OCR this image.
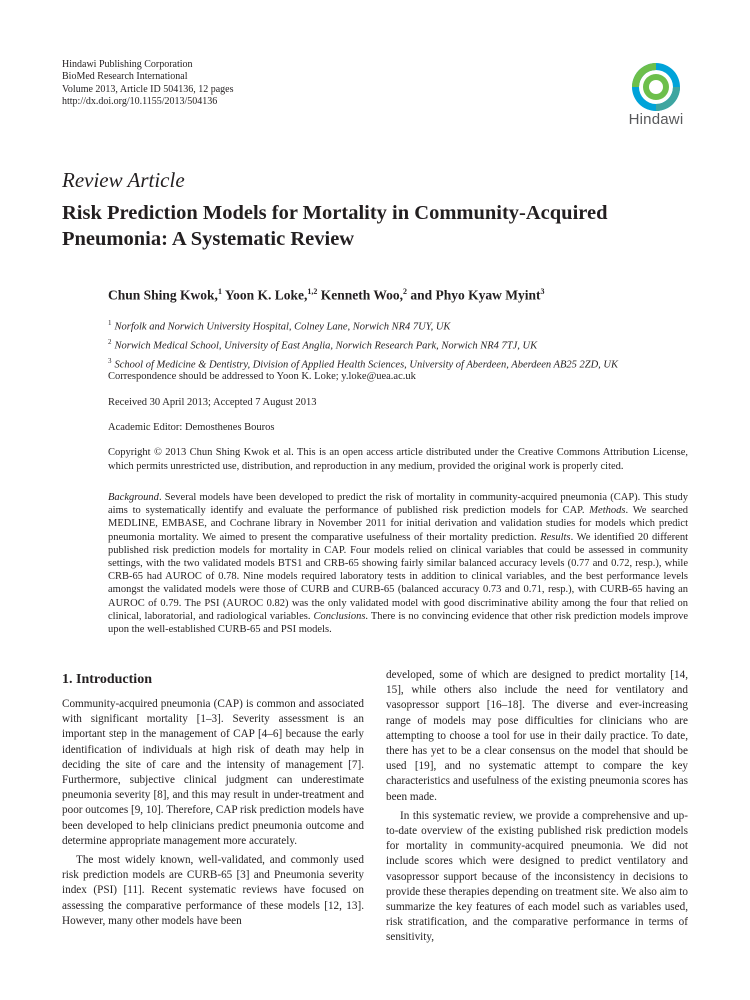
Hindawi Publishing Corporation
BioMed Research International
Volume 2013, Article ID 504136, 12 pages
http://dx.doi.org/10.1155/2013/504136
Hindawi
Review Article
Risk Prediction Models for Mortality in Community-Acquired
Pneumonia: A Systematic Review
Chun Shing Kwok,$^1$ Yoon K. Loke,$^{1,2}$ Kenneth Woo,$^2$ and Phyo Kyaw Myint$^3$
$^1$ Norfolk and Norwich University Hospital, Colney Lane, Norwich NR4 7UY, UK
$^2$ Norwich Medical School, University of East Anglia, Norwich Research Park, Norwich NR4 7TJ, UK
$^3$ School of Medicine & Dentistry, Division of Applied Health Sciences, University of Aberdeen, Aberdeen AB25 2ZD, UK
Correspondence should be addressed to Yoon K. Loke; y.loke@uea.ac.uk
Received 30 April 2013; Accepted 7 August 2013
Academic Editor: Demosthenes Bouros
Copyright © 2013 Chun Shing Kwok et al. This is an open access article distributed under the Creative Commons Attribution License, which permits unrestricted use, distribution, and reproduction in any medium, provided the original work is properly cited.
Background. Several models have been developed to predict the risk of mortality in community-acquired pneumonia (CAP). This study aims to systematically identify and evaluate the performance of published risk prediction models for CAP. Methods. We searched MEDLINE, EMBASE, and Cochrane library in November 2011 for initial derivation and validation studies for models which predict pneumonia mortality. We aimed to present the comparative usefulness of their mortality prediction. Results. We identified 20 different published risk prediction models for mortality in CAP. Four models relied on clinical variables that could be assessed in community settings, with the two validated models BTS1 and CRB-65 showing fairly similar balanced accuracy levels (0.77 and 0.72, resp.), while CRB-65 had AUROC of 0.78. Nine models required laboratory tests in addition to clinical variables, and the best performance levels amongst the validated models were those of CURB and CURB-65 (balanced accuracy 0.73 and 0.71, resp.), with CURB-65 having an AUROC of 0.79. The PSI (AUROC 0.82) was the only validated model with good discriminative ability among the four that relied on clinical, laboratorial, and radiological variables. Conclusions. There is no convincing evidence that other risk prediction models improve upon the well-established CURB-65 and PSI models.
1. Introduction

Community-acquired pneumonia (CAP) is common and associated with significant mortality [1–3]. Severity assessment is an important step in the management of CAP [4–6] because the early identification of individuals at high risk of death may help in deciding the site of care and the intensity of management [7]. Furthermore, subjective clinical judgment can underestimate pneumonia severity [8], and this may result in under-treatment and poor outcomes [9, 10]. Therefore, CAP risk prediction models have been developed to help clinicians predict pneumonia outcome and determine appropriate management more accurately.

The most widely known, well-validated, and commonly used risk prediction models are CURB-65 [3] and Pneumonia severity index (PSI) [11]. Recent systematic reviews have focused on assessing the comparative performance of these models [12, 13]. However, many other models have been

developed, some of which are designed to predict mortality [14, 15], while others also include the need for ventilatory and vasopressor support [16–18]. The diverse and ever-increasing range of models may pose difficulties for clinicians who are attempting to choose a tool for use in their daily practice. To date, there has yet to be a clear consensus on the model that should be used [19], and no systematic attempt to compare the key characteristics and usefulness of the existing pneumonia scores has been made.

In this systematic review, we provide a comprehensive and up-to-date overview of the existing published risk prediction models for mortality in community-acquired pneumonia. We did not include scores which were designed to predict ventilatory and vasopressor support because of the inconsistency in decisions to provide these therapies depending on treatment site. We also aim to summarize the key features of each model such as variables used, risk stratification, and the comparative performance in terms of sensitivity,
